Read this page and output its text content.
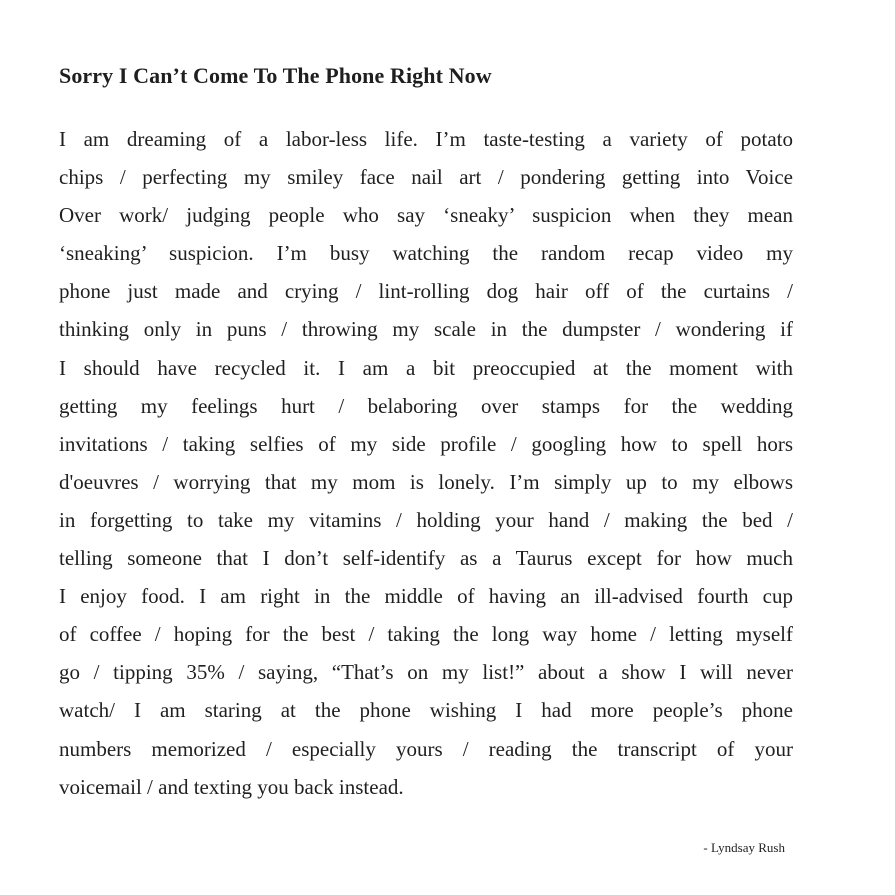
Sorry I Can’t Come To The Phone Right Now
I am dreaming of a labor-less life. I’m taste-testing a variety of potato
chips / perfecting my smiley face nail art / pondering getting into Voice
Over work/ judging people who say ‘sneaky’ suspicion when they mean
‘sneaking’ suspicion. I’m busy watching the random recap video my
phone just made and crying / lint-rolling dog hair off of the curtains /
thinking only in puns / throwing my scale in the dumpster / wondering if
I should have recycled it. I am a bit preoccupied at the moment with
getting my feelings hurt / belaboring over stamps for the wedding
invitations / taking selfies of my side profile / googling how to spell hors
d'oeuvres / worrying that my mom is lonely. I’m simply up to my elbows
in forgetting to take my vitamins / holding your hand / making the bed /
telling someone that I don’t self-identify as a Taurus except for how much
I enjoy food. I am right in the middle of having an ill-advised fourth cup
of coffee / hoping for the best / taking the long way home / letting myself
go / tipping 35% / saying, “That’s on my list!” about a show I will never
watch/ I am staring at the phone wishing I had more people’s phone
numbers memorized / especially yours / reading the transcript of your
voicemail / and texting you back instead.

- Lyndsay Rush
